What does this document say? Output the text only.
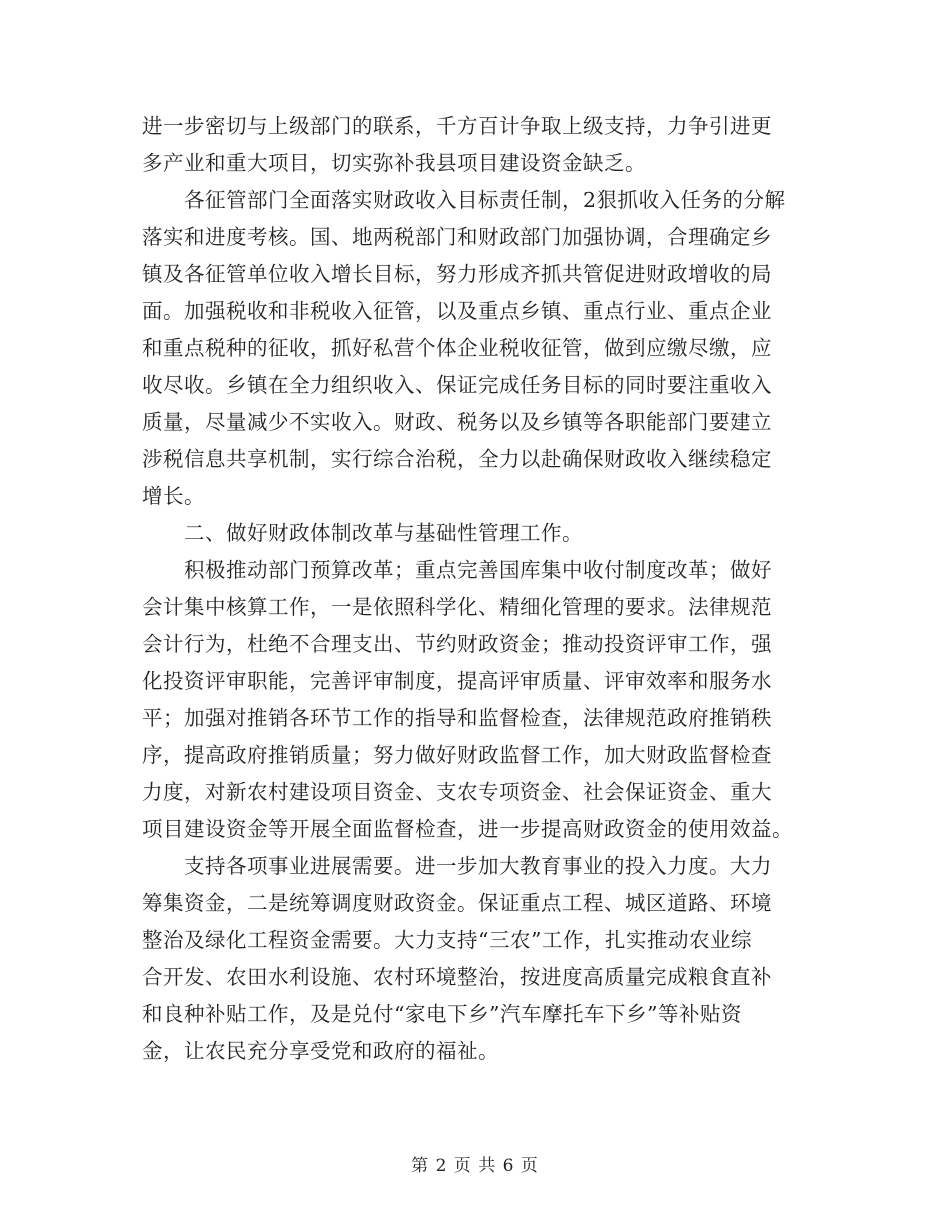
进一步密切与上级部门的联系，千方百计争取上级支持，力争引进更
多产业和重大项目，切实弥补我县项目建设资金缺乏。
各征管部门全面落实财政收入目标责任制，2狠抓收入任务的分解
落实和进度考核。国、地两税部门和财政部门加强协调，合理确定乡
镇及各征管单位收入增长目标，努力形成齐抓共管促进财政增收的局
面。加强税收和非税收入征管，以及重点乡镇、重点行业、重点企业
和重点税种的征收，抓好私营个体企业税收征管，做到应缴尽缴，应
收尽收。乡镇在全力组织收入、保证完成任务目标的同时要注重收入
质量，尽量减少不实收入。财政、税务以及乡镇等各职能部门要建立
涉税信息共享机制，实行综合治税，全力以赴确保财政收入继续稳定
增长。
二、做好财政体制改革与基础性管理工作。
积极推动部门预算改革；重点完善国库集中收付制度改革；做好
会计集中核算工作，一是依照科学化、精细化管理的要求。法律规范
会计行为，杜绝不合理支出、节约财政资金；推动投资评审工作，强
化投资评审职能，完善评审制度，提高评审质量、评审效率和服务水
平；加强对推销各环节工作的指导和监督检查，法律规范政府推销秩
序，提高政府推销质量；努力做好财政监督工作，加大财政监督检查
力度，对新农村建设项目资金、支农专项资金、社会保证资金、重大
项目建设资金等开展全面监督检查，进一步提高财政资金的使用效益。
支持各项事业进展需要。进一步加大教育事业的投入力度。大力
筹集资金，二是统筹调度财政资金。保证重点工程、城区道路、环境
整治及绿化工程资金需要。大力支持“三农”工作，扎实推动农业综
合开发、农田水利设施、农村环境整治，按进度高质量完成粮食直补
和良种补贴工作，及是兑付“家电下乡”汽车摩托车下乡”等补贴资
金，让农民充分享受党和政府的福祉。
第 2 页 共 6 页
